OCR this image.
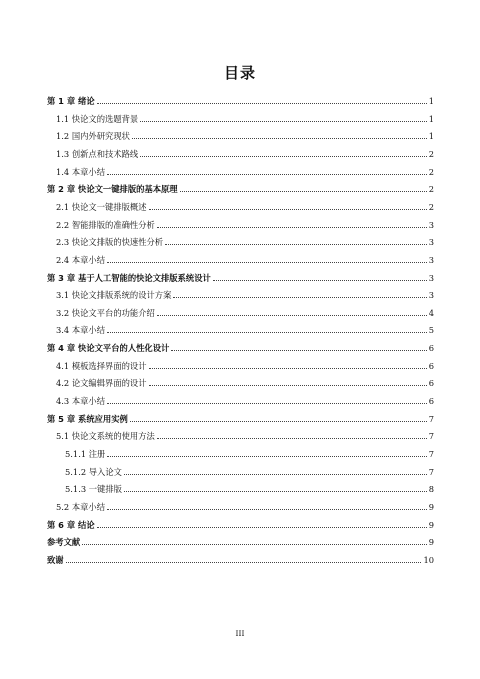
目录
第 1 章 绪论	1
1.1 快论文的选题背景	1
1.2 国内外研究现状	1
1.3 创新点和技术路线	2
1.4 本章小结	2
第 2 章 快论文一键排版的基本原理	2
2.1 快论文一键排版概述	2
2.2 智能排版的准确性分析	3
2.3 快论文排版的快速性分析	3
2.4 本章小结	3
第 3 章 基于人工智能的快论文排版系统设计	3
3.1 快论文排版系统的设计方案	3
3.2 快论文平台的功能介绍	4
3.4 本章小结	5
第 4 章 快论文平台的人性化设计	6
4.1 模板选择界面的设计	6
4.2 论文编辑界面的设计	6
4.3 本章小结	6
第 5 章 系统应用实例	7
5.1 快论文系统的使用方法	7
5.1.1 注册	7
5.1.2 导入论文	7
5.1.3 一键排版	8
5.2 本章小结	9
第 6 章 结论	9
参考文献	9
致谢	10
III
